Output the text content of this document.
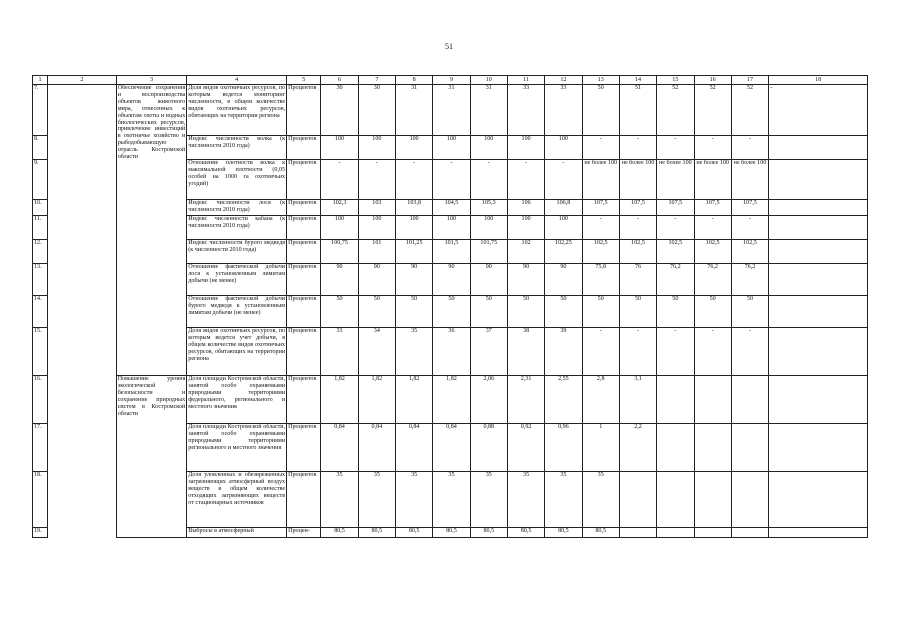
51
1	2	3	4	5	6	7	8	9	10	11	12	13	14	15	16	17	18
7.		Обеспечение сохранения и воспроизводства объектов животного мира, отнесенных к объектам охоты и водных биологических ресурсов, привлечение инвестиций в охотничье хозяйство и рыбодобывающую отрасль Костромской области	Доля видов охотничьих ресурсов, по которым ведется мониторинг численности, в общем количестве видов охотничьих ресурсов, обитающих на территории региона	Процентов	30	30	31	31	31	33	33	50	51	52	52	52	-
8.			Индекс численности волка (к численности 2010 года)	Процентов	100	100	100	100	100	100	100	-	-	-	-	-	
9.			Отношение плотности волка к максимальной плотности (0,05 особей на 1000 га охотничьих угодий)	Процентов	-	-	-	-	-	-	-	не более 100	не более 100	не более 100	не более 100	не более 100	
10.			Индекс численности лося (к численности 2010 года)	Процентов	102,3	103	103,8	104,5	105,3	106	106,8	107,5	107,5	107,5	107,5	107,5	
11.			Индекс численности кабана (к численности 2010 года)	Процентов	100	100	100	100	100	100	100	-	-	-	-	-	
12.			Индекс численности бурого медведя (к численности 2010 года)	Процентов	100,75	101	101,25	101,5	101,75	102	102,25	102,5	102,5	102,5	102,5	102,5	
13.			Отношение фактической добычи лося к установленным лимитам добычи (не менее)	Процентов	90	90	90	90	90	90	90	75,8	76	76,2	76,2	76,2	
14.			Отношение фактической добычи бурого медведя к установленным лимитам добычи (не менее)	Процентов	50	50	50	50	50	50	50	50	50	50	50	50	
15.			Доля видов охотничьих ресурсов, по которым ведется учет добычи, в общем количестве видов охотничьих ресурсов, обитающих на территории региона	Процентов	33	34	35	36	37	38	39	-	-	-	-	-	
16.		Повышение уровня экологической безопасности и сохранение природных систем в Костромской области	Доля площади Костромской области, занятой особо охраняемыми природными территориями федерального, регионального и местного значения	Процентов	1,82	1,82	1,82	1,82	2,06	2,31	2,55	2,8	3,1				
17.			Доля площади Костромской области, занятой особо охраняемыми природными территориями регионального и местного значения	Процентов	0,84	0,84	0,84	0,84	0,88	0,92	0,96	1	2,2				
18.			Доля уловленных и обезвреженных загрязняющих атмосферный воздух веществ в общем количестве отходящих загрязняющих веществ от стационарных источников	Процентов	35	35	35	35	35	35	35	35					
19.			Выбросы в атмосферный	Процен-	80,5	80,5	80,5	80,5	80,5	80,5	80,5	80,5					
